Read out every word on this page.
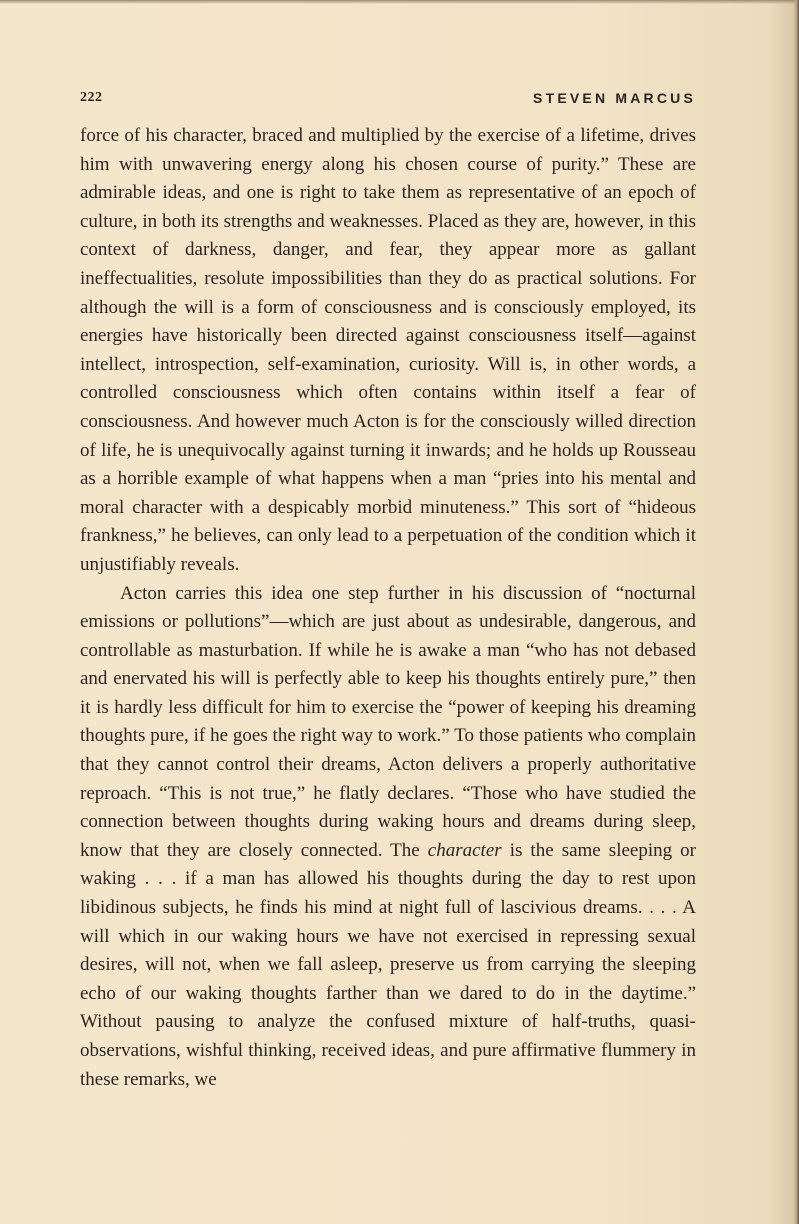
222	STEVEN MARCUS

force of his character, braced and multiplied by the exercise of a lifetime, drives him with unwavering energy along his chosen course of purity.” These are admirable ideas, and one is right to take them as representative of an epoch of culture, in both its strengths and weaknesses. Placed as they are, however, in this context of darkness, danger, and fear, they appear more as gallant ineffectualities, resolute impossibilities than they do as practical solutions. For although the will is a form of consciousness and is consciously employed, its energies have historically been directed against consciousness itself—against intellect, introspection, self-examination, curiosity. Will is, in other words, a controlled consciousness which often contains within itself a fear of consciousness. And however much Acton is for the consciously willed direction of life, he is unequivocally against turning it inwards; and he holds up Rousseau as a horrible example of what happens when a man “pries into his mental and moral character with a despicably morbid minuteness.” This sort of “hideous frankness,” he believes, can only lead to a perpetuation of the condition which it unjustifiably reveals.

Acton carries this idea one step further in his discussion of “nocturnal emissions or pollutions”—which are just about as undesirable, dangerous, and controllable as masturbation. If while he is awake a man “who has not debased and enervated his will is perfectly able to keep his thoughts entirely pure,” then it is hardly less difficult for him to exercise the “power of keeping his dreaming thoughts pure, if he goes the right way to work.” To those patients who complain that they cannot control their dreams, Acton delivers a properly authoritative reproach. “This is not true,” he flatly declares. “Those who have studied the connection between thoughts during waking hours and dreams during sleep, know that they are closely connected. The character is the same sleeping or waking . . . if a man has allowed his thoughts during the day to rest upon libidinous subjects, he finds his mind at night full of lascivious dreams. . . . A will which in our waking hours we have not exercised in repressing sexual desires, will not, when we fall asleep, preserve us from carrying the sleeping echo of our waking thoughts farther than we dared to do in the daytime.” Without pausing to analyze the confused mixture of half-truths, quasi-observations, wishful thinking, received ideas, and pure affirmative flummery in these remarks, we
